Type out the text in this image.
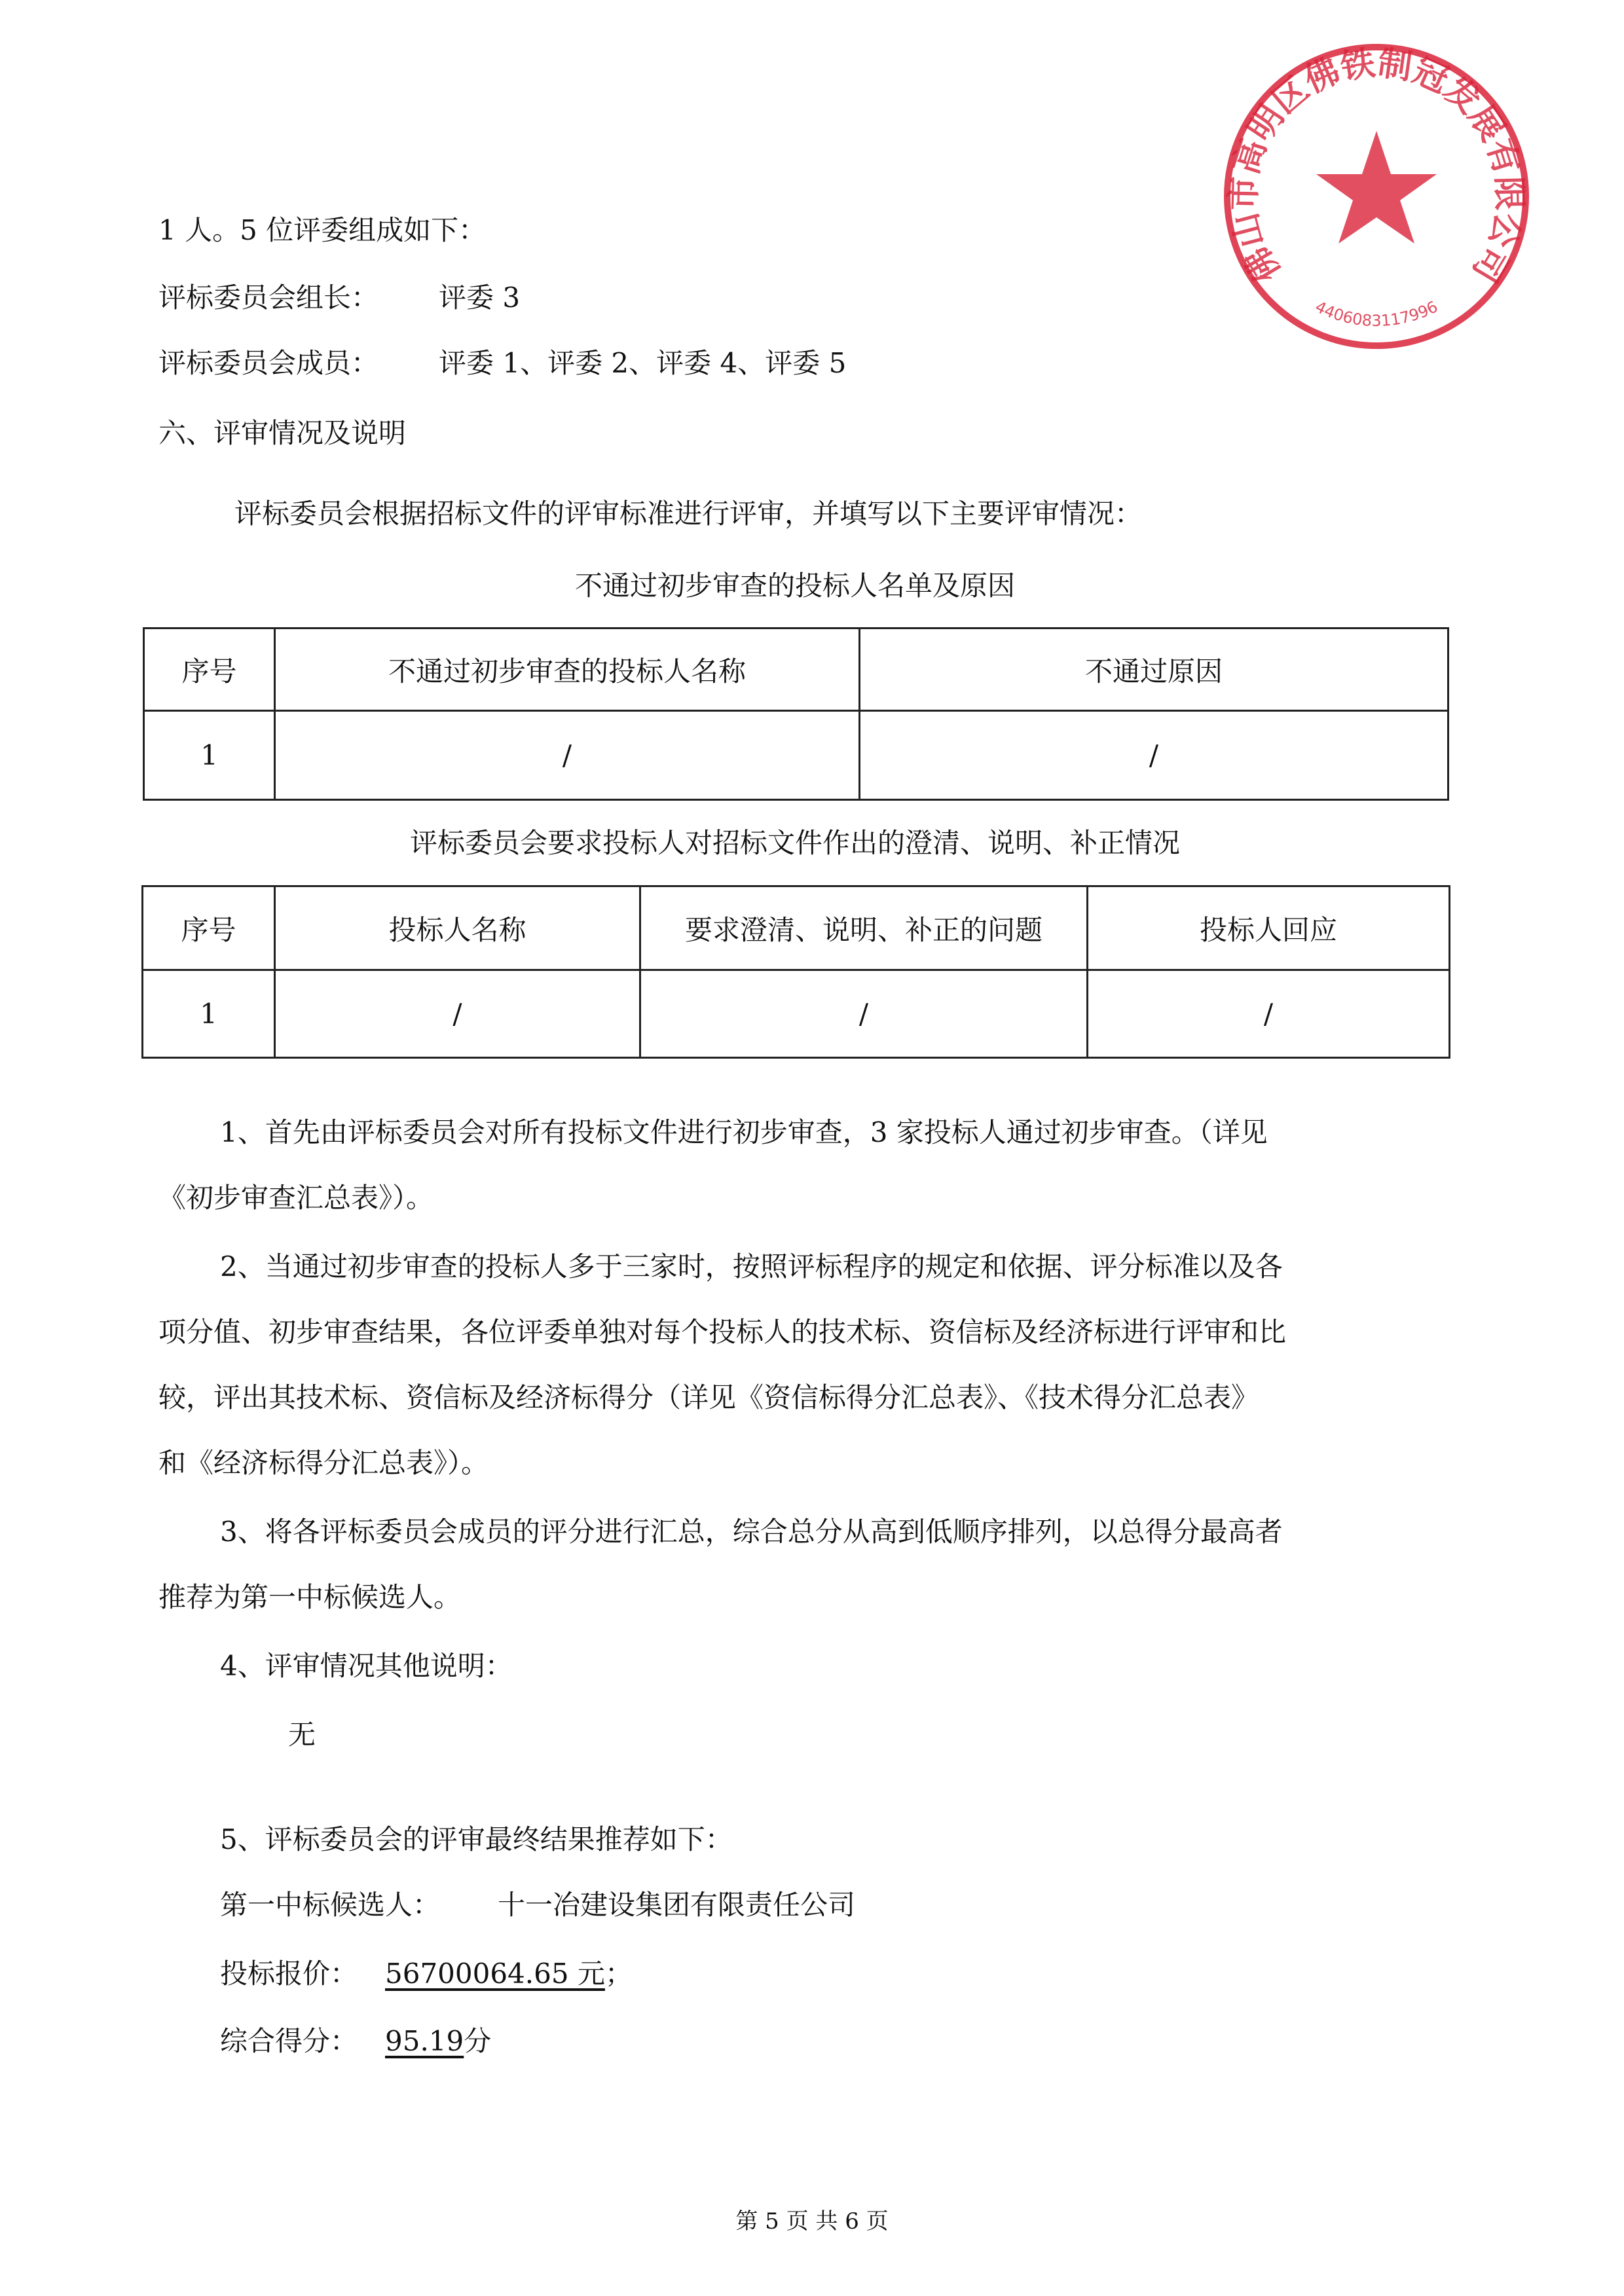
佛山市高明区佛铁制冠发展有限公司
4406083117996
1 人。5 位评委组成如下：
评标委员会组长： 评委 3
评标委员会成员： 评委 1、评委 2、评委 4、评委 5
六、评审情况及说明
评标委员会根据招标文件的评审标准进行评审，并填写以下主要评审情况：
不通过初步审查的投标人名单及原因
序号	不通过初步审查的投标人名称	不通过原因
1	/	/
评标委员会要求投标人对招标文件作出的澄清、说明、补正情况
序号	投标人名称	要求澄清、说明、补正的问题	投标人回应
1	/	/	/
1、首先由评标委员会对所有投标文件进行初步审查，3 家投标人通过初步审查。（详见
《初步审查汇总表》）。
2、当通过初步审查的投标人多于三家时，按照评标程序的规定和依据、评分标准以及各
项分值、初步审查结果，各位评委单独对每个投标人的技术标、资信标及经济标进行评审和比
较，评出其技术标、资信标及经济标得分（详见《资信标得分汇总表》、《技术得分汇总表》
和《经济标得分汇总表》）。
3、将各评标委员会成员的评分进行汇总，综合总分从高到低顺序排列，以总得分最高者
推荐为第一中标候选人。
4、评审情况其他说明：
无
5、评标委员会的评审最终结果推荐如下：
第一中标候选人： 十一冶建设集团有限责任公司
投标报价： 56700064.65 元；
综合得分： 95.19分
第 5 页 共 6 页
